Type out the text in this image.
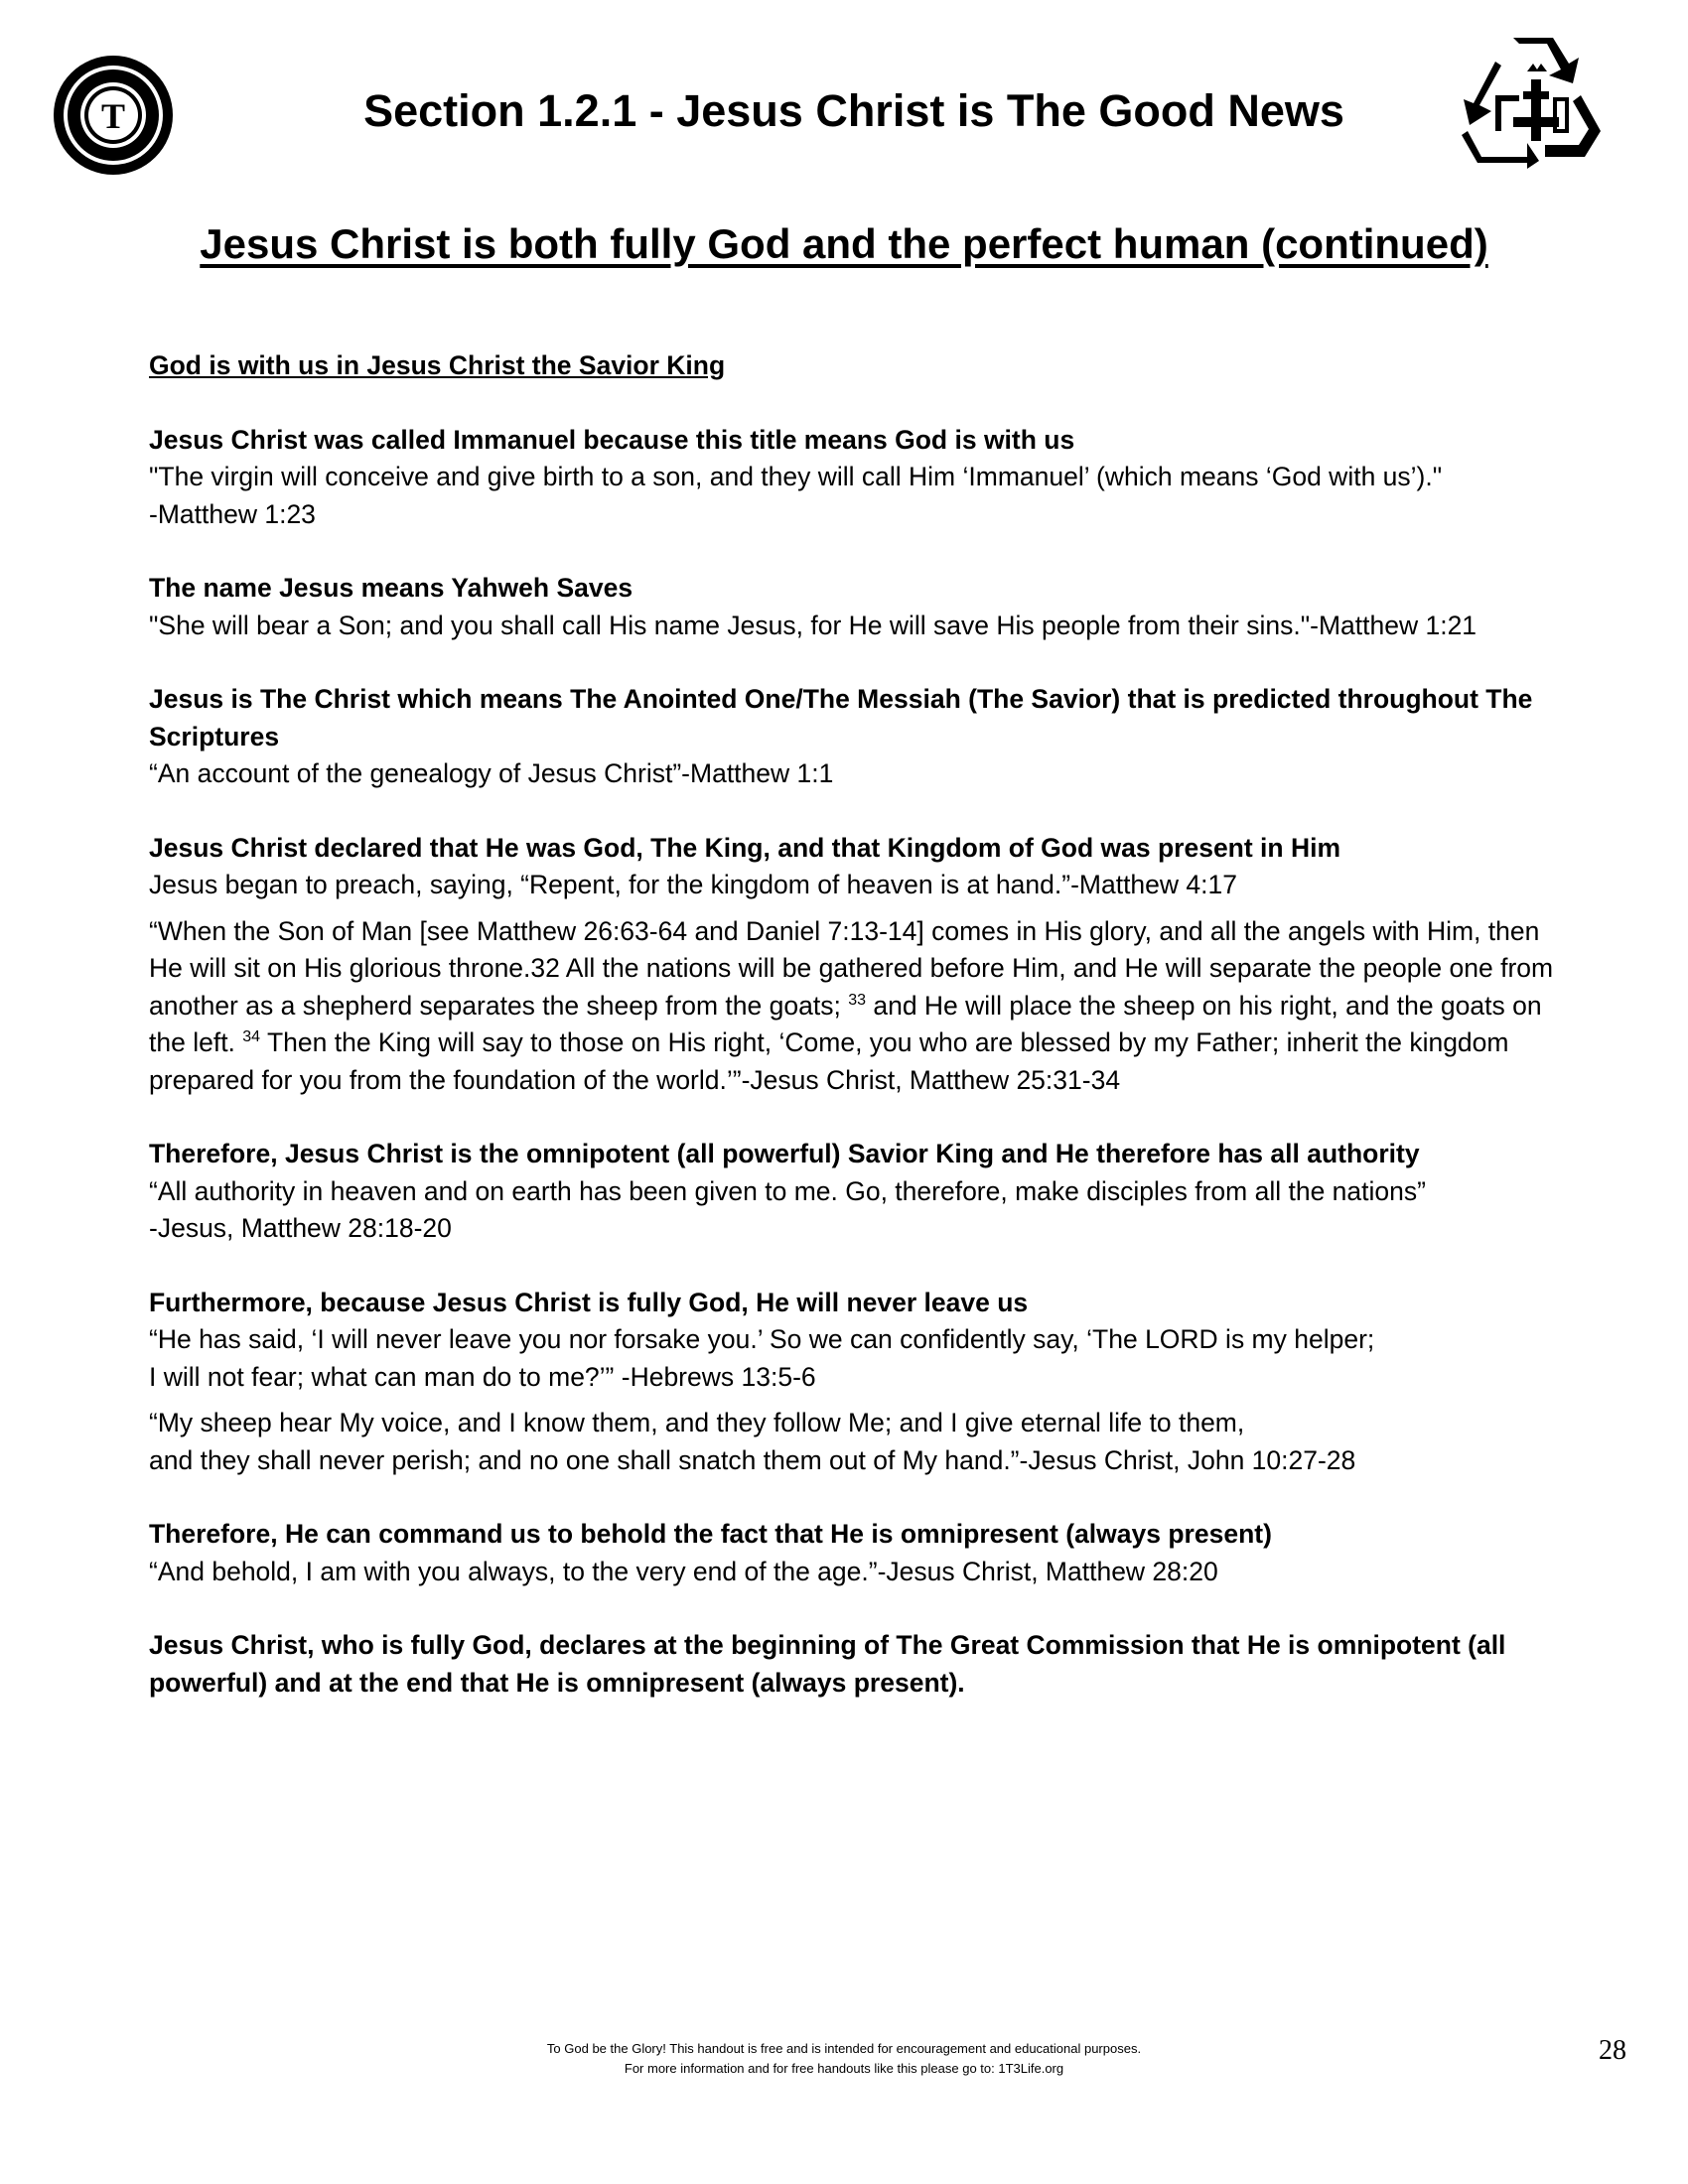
T	Section 1.2.1 - Jesus Christ is The Good News
Jesus Christ is both fully God and the perfect human (continued)

God is with us in Jesus Christ the Savior King

Jesus Christ was called Immanuel because this title means God is with us

"The virgin will conceive and give birth to a son, and they will call Him ‘Immanuel’ (which means ‘God with us’)."

-Matthew 1:23

The name Jesus means Yahweh Saves

"She will bear a Son; and you shall call His name Jesus, for He will save His people from their sins."-Matthew 1:21

Jesus is The Christ which means The Anointed One/The Messiah (The Savior) that is predicted throughout The Scriptures

“An account of the genealogy of Jesus Christ”-Matthew 1:1

Jesus Christ declared that He was God, The King, and that Kingdom of God was present in Him

Jesus began to preach, saying, “Repent, for the kingdom of heaven is at hand.”-Matthew 4:17

“When the Son of Man [see Matthew 26:63-64 and Daniel 7:13-14] comes in His glory, and all the angels with Him, then He will sit on His glorious throne.32 All the nations will be gathered before Him, and He will separate the people one from another as a shepherd separates the sheep from the goats; $^{33}$ and He will place the sheep on his right, and the goats on the left. $^{34}$ Then the King will say to those on His right, ‘Come, you who are blessed by my Father; inherit the kingdom prepared for you from the foundation of the world.’”-Jesus Christ, Matthew 25:31-34

Therefore, Jesus Christ is the omnipotent (all powerful) Savior King and He therefore has all authority

“All authority in heaven and on earth has been given to me. Go, therefore, make disciples from all the nations”

-Jesus, Matthew 28:18-20

Furthermore, because Jesus Christ is fully God, He will never leave us

“He has said, ‘I will never leave you nor forsake you.’ So we can confidently say, ‘The LORD is my helper;

I will not fear; what can man do to me?’” -Hebrews 13:5-6

“My sheep hear My voice, and I know them, and they follow Me; and I give eternal life to them,

and they shall never perish; and no one shall snatch them out of My hand.”-Jesus Christ, John 10:27-28

Therefore, He can command us to behold the fact that He is omnipresent (always present)

“And behold, I am with you always, to the very end of the age.”-Jesus Christ, Matthew 28:20

Jesus Christ, who is fully God, declares at the beginning of The Great Commission that He is omnipotent (all powerful) and at the end that He is omnipresent (always present).

To God be the Glory! This handout is free and is intended for encouragement and educational purposes.
For more information and for free handouts like this please go to: 1T3Life.org
28
